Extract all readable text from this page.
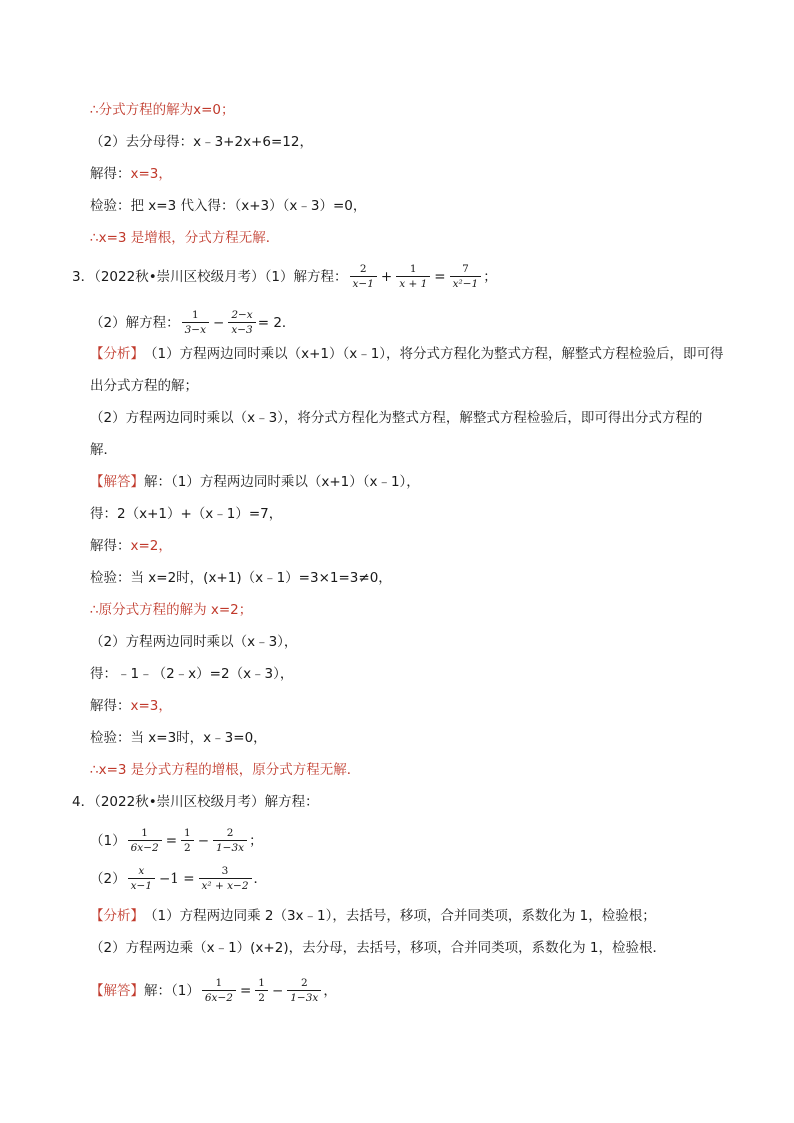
∴分式方程的解为x=0；
（2）去分母得：x﹣3+2x+6=12，
解得： x=3，
检验：把 x=3 代入得：（x+3）（x﹣3）=0，
∴x=3 是增根，分式方程无解．
3．（2022秋•崇川区校级月考）（1）解方程： $\frac{2}{x-1} + \frac{1}{x + 1} = \frac{7}{\text{x²−1}}$ ；
（2）解方程： $\frac{1}{3-x} - \frac{2-x}{x-3} = 2$．
【分析】 （1）方程两边同时乘以（x+1）（x﹣1），将分式方程化为整式方程，解整式方程检验后，即可得
出分式方程的解；
（2）方程两边同时乘以（x﹣3），将分式方程化为整式方程，解整式方程检验后，即可得出分式方程的
解．
【解答】 解：（1）方程两边同时乘以（x+1）（x﹣1），
得：2（x+1）+（x﹣1）=7，
解得： x=2，
检验：当 x=2时，(x+1)（x﹣1）=3×1=3≠0，
∴原分式方程的解为 x=2；
（2）方程两边同时乘以（x﹣3），
得：﹣1﹣（2﹣x）=2（x﹣3），
解得： x=3，
检验：当 x=3时，x﹣3=0，
∴x=3 是分式方程的增根，原分式方程无解．
4．（2022秋•崇川区校级月考）解方程：
$(1) \frac{1}{6x-2} = \frac{1}{2} - \frac{2}{1-3x}$ ；
$(2) \frac{x}{x-1} -1 = \frac{3}{\text{x² + x−2}}$ ．
【分析】 （1）方程两边同乘 2（3x﹣1），去括号，移项，合并同类项，系数化为 1，检验根；
（2）方程两边乘（x﹣1）(x+2)，去分母，去括号，移项，合并同类项，系数化为 1，检验根．
【解答】 解：$(1) \frac{1}{6x-2} = \frac{1}{2} - \frac{2}{1-3x}$ ，
